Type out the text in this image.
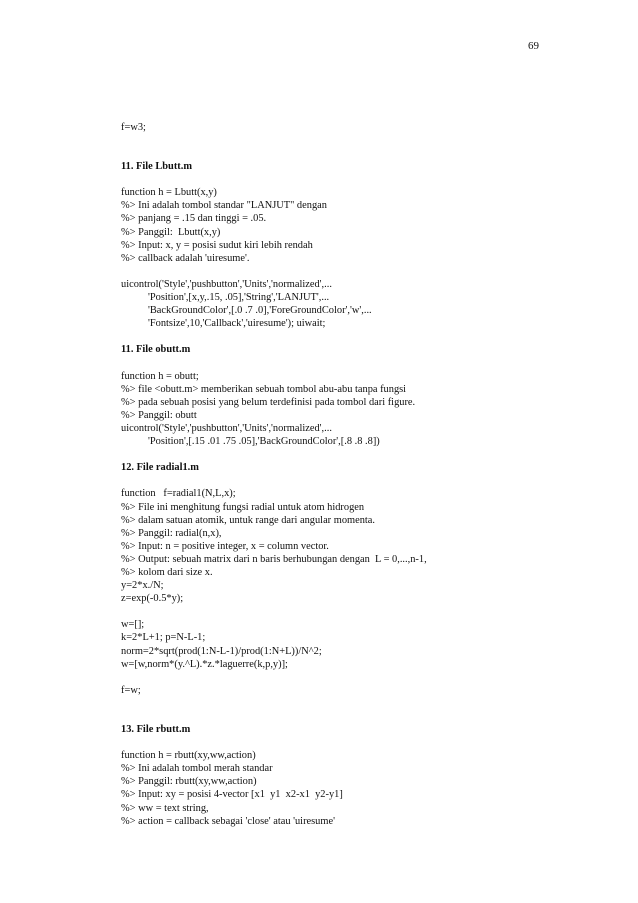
69
f=w3;
11. File Lbutt.m
function h = Lbutt(x,y)
%> Ini adalah tombol standar "LANJUT" dengan
%> panjang = .15 dan tinggi = .05.
%> Panggil:  Lbutt(x,y)
%> Input: x, y = posisi sudut kiri lebih rendah
%> callback adalah 'uiresume'.
uicontrol('Style','pushbutton','Units','normalized',...
'Position',[x,y,.15, .05],'String','LANJUT',...
'BackGroundColor',[.0 .7 .0],'ForeGroundColor','w',...
'Fontsize',10,'Callback','uiresume'); uiwait;
11. File obutt.m
function h = obutt;
%> file <obutt.m> memberikan sebuah tombol abu-abu tanpa fungsi
%> pada sebuah posisi yang belum terdefinisi pada tombol dari figure.
%> Panggil: obutt
uicontrol('Style','pushbutton','Units','normalized',...
'Position',[.15 .01 .75 .05],'BackGroundColor',[.8 .8 .8])
12. File radial1.m
function   f=radial1(N,L,x);
%> File ini menghitung fungsi radial untuk atom hidrogen
%> dalam satuan atomik, untuk range dari angular momenta.
%> Panggil: radial(n,x),
%> Input: n = positive integer, x = column vector.
%> Output: sebuah matrix dari n baris berhubungan dengan  L = 0,...,n-1,
%> kolom dari size x.
y=2*x./N;
z=exp(-0.5*y);
w=[];
k=2*L+1; p=N-L-1;
norm=2*sqrt(prod(1:N-L-1)/prod(1:N+L))/N^2;
w=[w,norm*(y.^L).*z.*laguerre(k,p,y)];
f=w;
13. File rbutt.m
function h = rbutt(xy,ww,action)
%> Ini adalah tombol merah standar
%> Panggil: rbutt(xy,ww,action)
%> Input: xy = posisi 4-vector [x1  y1  x2-x1  y2-y1]
%> ww = text string,
%> action = callback sebagai 'close' atau 'uiresume'
